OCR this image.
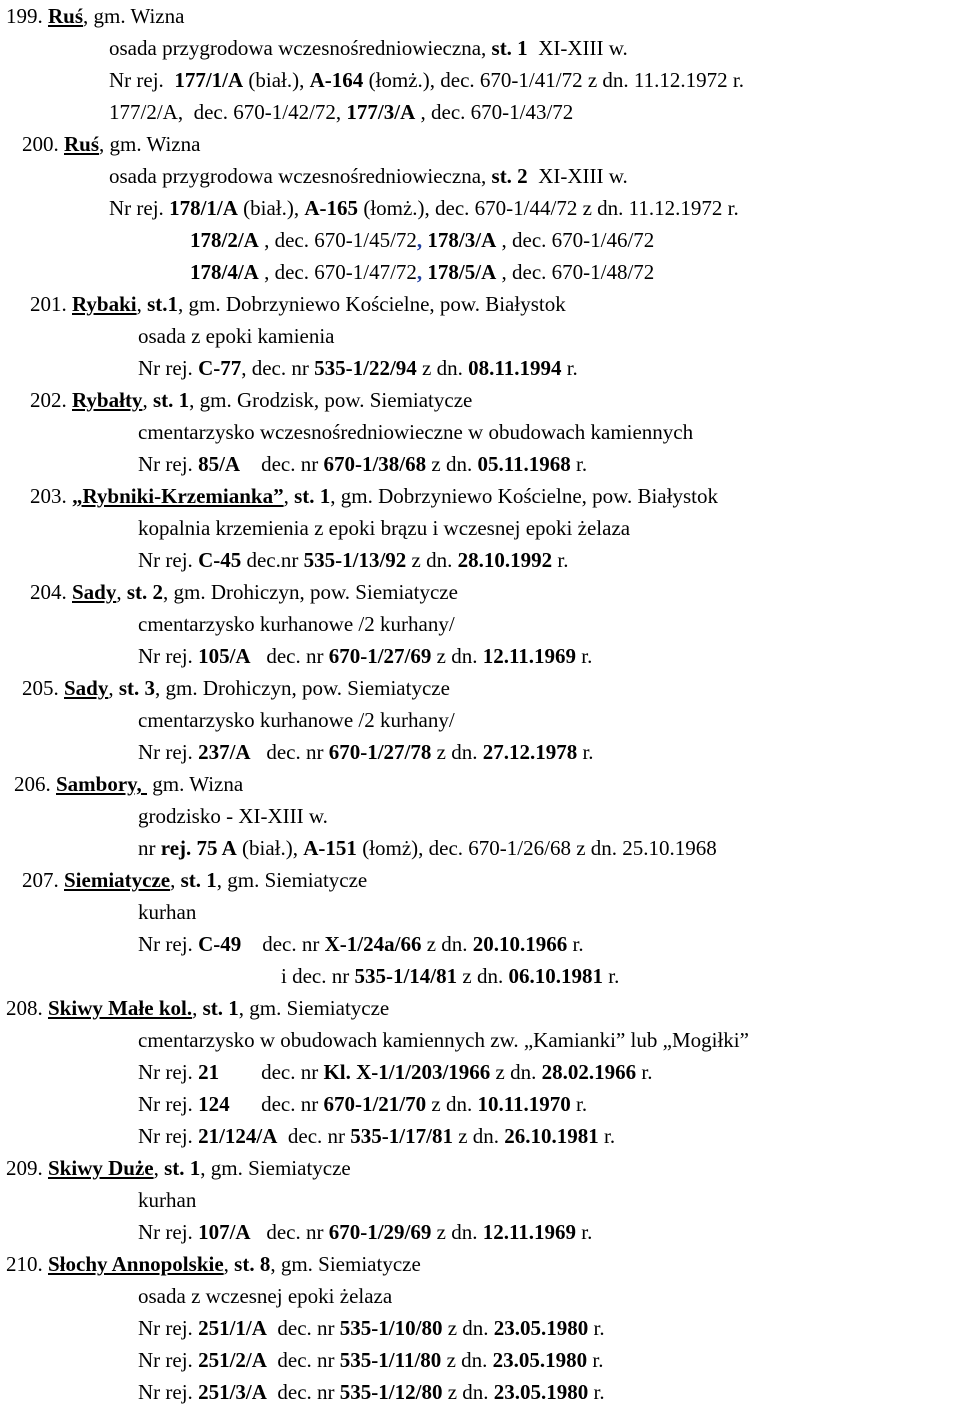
199. Ruś, gm. Wizna
osada przygrodowa wczesnośredniowieczna, st. 1  XI-XIII w.
Nr rej.  177/1/A (biał.), A-164 (łomż.), dec. 670-1/41/72 z dn. 11.12.1972 r.
177/2/A,  dec. 670-1/42/72, 177/3/A , dec. 670-1/43/72
200. Ruś, gm. Wizna
osada przygrodowa wczesnośredniowieczna, st. 2  XI-XIII w.
Nr rej. 178/1/A (biał.), A-165 (łomż.), dec. 670-1/44/72 z dn. 11.12.1972 r.
178/2/A , dec. 670-1/45/72, 178/3/A , dec. 670-1/46/72
178/4/A , dec. 670-1/47/72, 178/5/A , dec. 670-1/48/72
201. Rybaki, st.1, gm. Dobrzyniewo Kościelne, pow. Białystok
osada z epoki kamienia
Nr rej. C-77, dec. nr 535-1/22/94 z dn. 08.11.1994 r.
202. Rybałty, st. 1, gm. Grodzisk, pow. Siemiatycze
cmentarzysko wczesnośredniowieczne w obudowach kamiennych
Nr rej. 85/A    dec. nr 670-1/38/68 z dn. 05.11.1968 r.
203. „Rybniki-Krzemianka”, st. 1, gm. Dobrzyniewo Kościelne, pow. Białystok
kopalnia krzemienia z epoki brązu i wczesnej epoki żelaza
Nr rej. C-45 dec.nr 535-1/13/92 z dn. 28.10.1992 r.
204. Sady, st. 2, gm. Drohiczyn, pow. Siemiatycze
cmentarzysko kurhanowe /2 kurhany/
Nr rej. 105/A   dec. nr 670-1/27/69 z dn. 12.11.1969 r.
205. Sady, st. 3, gm. Drohiczyn, pow. Siemiatycze
cmentarzysko kurhanowe /2 kurhany/
Nr rej. 237/A   dec. nr 670-1/27/78 z dn. 27.12.1978 r.
206. Sambory,  gm. Wizna
grodzisko - XI-XIII w.
nr rej. 75 A (biał.), A-151 (łomż), dec. 670-1/26/68 z dn. 25.10.1968
207. Siemiatycze, st. 1, gm. Siemiatycze
kurhan
Nr rej. C-49    dec. nr X-1/24a/66 z dn. 20.10.1966 r.
i dec. nr 535-1/14/81 z dn. 06.10.1981 r.
208. Skiwy Małe kol., st. 1, gm. Siemiatycze
cmentarzysko w obudowach kamiennych zw. „Kamianki” lub „Mogiłki”
Nr rej. 21        dec. nr Kl. X-1/1/203/1966 z dn. 28.02.1966 r.
Nr rej. 124      dec. nr 670-1/21/70 z dn. 10.11.1970 r.
Nr rej. 21/124/A  dec. nr 535-1/17/81 z dn. 26.10.1981 r.
209. Skiwy Duże, st. 1, gm. Siemiatycze
kurhan
Nr rej. 107/A   dec. nr 670-1/29/69 z dn. 12.11.1969 r.
210. Słochy Annopolskie, st. 8, gm. Siemiatycze
osada z wczesnej epoki żelaza
Nr rej. 251/1/A  dec. nr 535-1/10/80 z dn. 23.05.1980 r.
Nr rej. 251/2/A  dec. nr 535-1/11/80 z dn. 23.05.1980 r.
Nr rej. 251/3/A  dec. nr 535-1/12/80 z dn. 23.05.1980 r.
